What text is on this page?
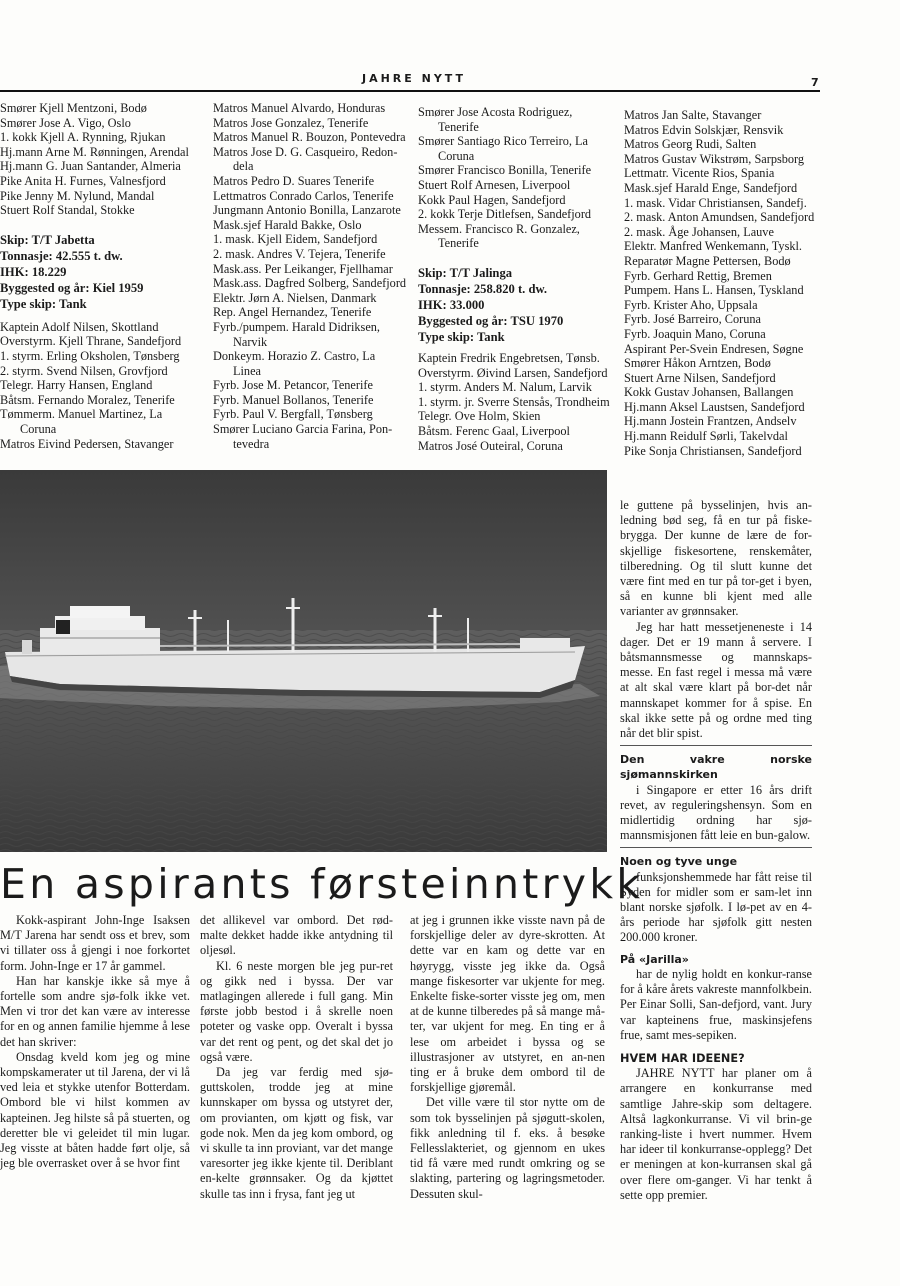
JAHRE NYTT	7
Smører Kjell Mentzoni, Bodø
Smører Jose A. Vigo, Oslo
1. kokk Kjell A. Rynning, Rjukan
Hj.mann Arne M. Rønningen, Arendal
Hj.mann G. Juan Santander, Almeria
Pike Anita H. Furnes, Valnesfjord
Pike Jenny M. Nylund, Mandal
Stuert Rolf Standal, Stokke
Skip: T/T Jabetta
Tonnasje: 42.555 t. dw.
IHK: 18.229
Byggested og år: Kiel 1959
Type skip: Tank
Kaptein Adolf Nilsen, Skottland
Overstyrm. Kjell Thrane, Sandefjord
1. styrm. Erling Oksholen, Tønsberg
2. styrm. Svend Nilsen, Grovfjord
Telegr. Harry Hansen, England
Båtsm. Fernando Moralez, Tenerife
Tømmerm. Manuel Martinez, La
Coruna
Matros Eivind Pedersen, Stavanger
Matros Manuel Alvardo, Honduras
Matros Jose Gonzalez, Tenerife
Matros Manuel R. Bouzon, Pontevedra
Matros Jose D. G. Casqueiro, Redon-
dela
Matros Pedro D. Suares Tenerife
Lettmatros Conrado Carlos, Tenerife
Jungmann Antonio Bonilla, Lanzarote
Mask.sjef Harald Bakke, Oslo
1. mask. Kjell Eidem, Sandefjord
2. mask. Andres V. Tejera, Tenerife
Mask.ass. Per Leikanger, Fjellhamar
Mask.ass. Dagfred Solberg, Sandefjord
Elektr. Jørn A. Nielsen, Danmark
Rep. Angel Hernandez, Tenerife
Fyrb./pumpem. Harald Didriksen,
Narvik
Donkeym. Horazio Z. Castro, La
Linea
Fyrb. Jose M. Petancor, Tenerife
Fyrb. Manuel Bollanos, Tenerife
Fyrb. Paul V. Bergfall, Tønsberg
Smører Luciano Garcia Farina, Pon-
tevedra
Smører Jose Acosta Rodriguez,
Tenerife
Smører Santiago Rico Terreiro, La
Coruna
Smører Francisco Bonilla, Tenerife
Stuert Rolf Arnesen, Liverpool
Kokk Paul Hagen, Sandefjord
2. kokk Terje Ditlefsen, Sandefjord
Messem. Francisco R. Gonzalez,
Tenerife
Skip: T/T Jalinga
Tonnasje: 258.820 t. dw.
IHK: 33.000
Byggested og år: TSU 1970
Type skip: Tank
Kaptein Fredrik Engebretsen, Tønsb.
Overstyrm. Øivind Larsen, Sandefjord
1. styrm. Anders M. Nalum, Larvik
1. styrm. jr. Sverre Stensås, Trondheim
Telegr. Ove Holm, Skien
Båtsm. Ferenc Gaal, Liverpool
Matros José Outeiral, Coruna
Matros Jan Salte, Stavanger
Matros Edvin Solskjær, Rensvik
Matros Georg Rudi, Salten
Matros Gustav Wikstrøm, Sarpsborg
Lettmatr. Vicente Rios, Spania
Mask.sjef Harald Enge, Sandefjord
1. mask. Vidar Christiansen, Sandefj.
2. mask. Anton Amundsen, Sandefjord
2. mask. Åge Johansen, Lauve
Elektr. Manfred Wenkemann, Tyskl.
Reparatør Magne Pettersen, Bodø
Fyrb. Gerhard Rettig, Bremen
Pumpem. Hans L. Hansen, Tyskland
Fyrb. Krister Aho, Uppsala
Fyrb. José Barreiro, Coruna
Fyrb. Joaquin Mano, Coruna
Aspirant Per-Svein Endresen, Søgne
Smører Håkon Arntzen, Bodø
Stuert Arne Nilsen, Sandefjord
Kokk Gustav Johansen, Ballangen
Hj.mann Aksel Laustsen, Sandefjord
Hj.mann Jostein Frantzen, Andselv
Hj.mann Reidulf Sørli, Takelvdal
Pike Sonja Christiansen, Sandefjord
En aspirants førsteinntrykk

Kokk-aspirant John-Inge Isaksen M/T Jarena har sendt oss et brev, som vi tillater oss å gjengi i noe forkortet form. John-Inge er 17 år gammel.

Han har kanskje ikke så mye å fortelle som andre sjø-folk ikke vet. Men vi tror det kan være av interesse for en og annen familie hjemme å lese det han skriver:

Onsdag kveld kom jeg og mine kompskamerater ut til Jarena, der vi lå ved leia et stykke utenfor Botterdam. Ombord ble vi hilst kommen av kapteinen. Jeg hilste så på stuerten, og deretter ble vi geleidet til min lugar. Jeg visste at båten hadde ført olje, så jeg ble overrasket over å se hvor fint

det allikevel var ombord. Det rød-malte dekket hadde ikke antydning til oljesøl.

Kl. 6 neste morgen ble jeg pur-ret og gikk ned i byssa. Der var matlagingen allerede i full gang. Min første jobb bestod i å skrelle noen poteter og vaske opp. Overalt i byssa var det rent og pent, og det skal det jo også være.

Da jeg var ferdig med sjø-guttskolen, trodde jeg at mine kunnskaper om byssa og utstyret der, om provianten, om kjøtt og fisk, var gode nok. Men da jeg kom ombord, og vi skulle ta inn proviant, var det mange varesorter jeg ikke kjente til. Deriblant en-kelte grønnsaker. Og da kjøttet skulle tas inn i frysa, fant jeg ut

at jeg i grunnen ikke visste navn på de forskjellige deler av dyre-skrotten. At dette var en kam og dette var en høyrygg, visste jeg ikke da. Også mange fiskesorter var ukjente for meg. Enkelte fiske-sorter visste jeg om, men at de kunne tilberedes på så mange må-ter, var ukjent for meg. En ting er å lese om arbeidet i byssa og se illustrasjoner av utstyret, en an-nen ting er å bruke dem ombord til de forskjellige gjøremål.

Det ville være til stor nytte om de som tok bysselinjen på sjøgutt-skolen, fikk anledning til f. eks. å besøke Fellesslakteriet, og gjennom en ukes tid få være med rundt omkring og se slakting, partering og lagringsmetoder. Dessuten skul-

le guttene på bysselinjen, hvis an-ledning bød seg, få en tur på fiske-brygga. Der kunne de lære de for-skjellige fiskesortene, renskemåter, tilberedning. Og til slutt kunne det være fint med en tur på tor-get i byen, så en kunne bli kjent med alle varianter av grønnsaker.

Jeg har hatt messetjeneneste i 14 dager. Det er 19 mann å servere. I båtsmannsmesse og mannskaps-messe. En fast regel i messa må være at alt skal være klart på bor-det når mannskapet kommer for å spise. En skal ikke sette på og ordne med ting når det blir spist.

Den vakre norske sjømannskirken

i Singapore er etter 16 års drift revet, av reguleringshensyn. Som en midlertidig ordning har sjø-mannsmisjonen fått leie en bun-galow.

Noen og tyve unge

funksjonshemmede har fått reise til Syden for midler som er sam-let inn blant norske sjøfolk. I lø-pet av en 4-års periode har sjøfolk gitt nesten 200.000 kroner.

På «Jarilla»

har de nylig holdt en konkur-ranse for å kåre årets vakreste mannfolkbein. Per Einar Solli, San-defjord, vant. Jury var kapteinens frue, maskinsjefens frue, samt mes-sepiken.

HVEM HAR IDEENE?

JAHRE NYTT har planer om å arrangere en konkurranse med samtlige Jahre-skip som deltagere. Altså lagkonkurranse. Vi vil brin-ge ranking-liste i hvert nummer. Hvem har ideer til konkurranse-opplegg? Det er meningen at kon-kurransen skal gå over flere om-ganger. Vi har tenkt å sette opp premier.
